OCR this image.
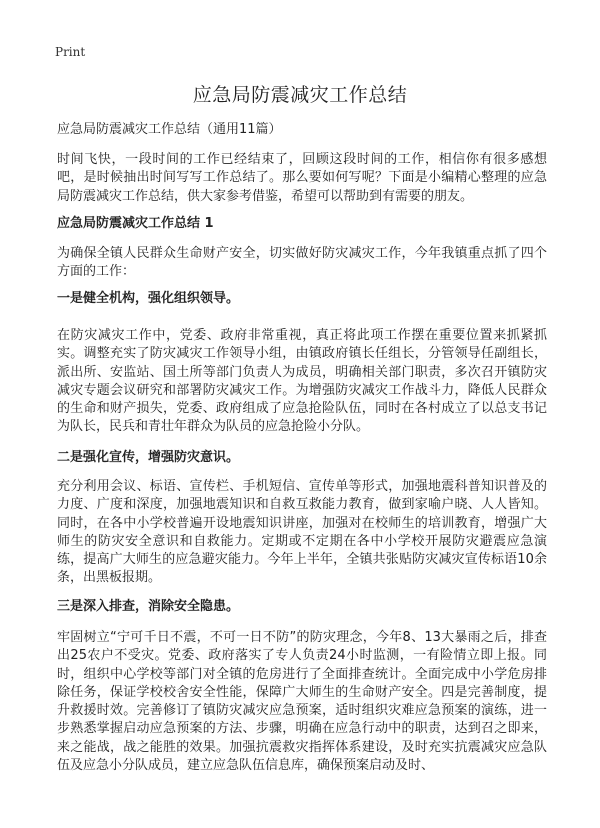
Print
应急局防震减灾工作总结

应急局防震减灾工作总结（通用11篇）

时间飞快，一段时间的工作已经结束了，回顾这段时间的工作，相信你有很多感想吧，是时候抽出时间写写工作总结了。那么要如何写呢？下面是小编精心整理的应急局防震减灾工作总结，供大家参考借鉴，希望可以帮助到有需要的朋友。

应急局防震减灾工作总结 1

为确保全镇人民群众生命财产安全，切实做好防灾减灾工作，今年我镇重点抓了四个方面的工作：

一是健全机构，强化组织领导。

在防灾减灾工作中，党委、政府非常重视，真正将此项工作摆在重要位置来抓紧抓实。调整充实了防灾减灾工作领导小组，由镇政府镇长任组长，分管领导任副组长，派出所、安监站、国土所等部门负责人为成员，明确相关部门职责，多次召开镇防灾减灾专题会议研究和部署防灾减灾工作。为增强防灾减灾工作战斗力，降低人民群众的生命和财产损失，党委、政府组成了应急抢险队伍，同时在各村成立了以总支书记为队长，民兵和青壮年群众为队员的应急抢险小分队。

二是强化宣传，增强防灾意识。

充分利用会议、标语、宣传栏、手机短信、宣传单等形式，加强地震科普知识普及的力度、广度和深度，加强地震知识和自救互救能力教育，做到家喻户晓、人人皆知。同时，在各中小学校普遍开设地震知识讲座，加强对在校师生的培训教育，增强广大师生的防灾安全意识和自救能力。定期或不定期在各中小学校开展防灾避震应急演练，提高广大师生的应急避灾能力。今年上半年，全镇共张贴防灾减灾宣传标语10余条，出黑板报期。

三是深入排查，消除安全隐患。

牢固树立“宁可千日不震，不可一日不防”的防灾理念，今年8、13大暴雨之后，排查出25农户不受灾。党委、政府落实了专人负责24小时监测，一有险情立即上报。同时，组织中心学校等部门对全镇的危房进行了全面排查统计。全面完成中小学危房排除任务，保证学校校舍安全性能，保障广大师生的生命财产安全。四是完善制度，提升救援时效。完善修订了镇防灾减灾应急预案，适时组织灾难应急预案的演练，进一步熟悉掌握启动应急预案的方法、步骤，明确在应急行动中的职责，达到召之即来，来之能战，战之能胜的效果。加强抗震救灾指挥体系建设，及时充实抗震减灾应急队伍及应急小分队成员，建立应急队伍信息库，确保预案启动及时、
